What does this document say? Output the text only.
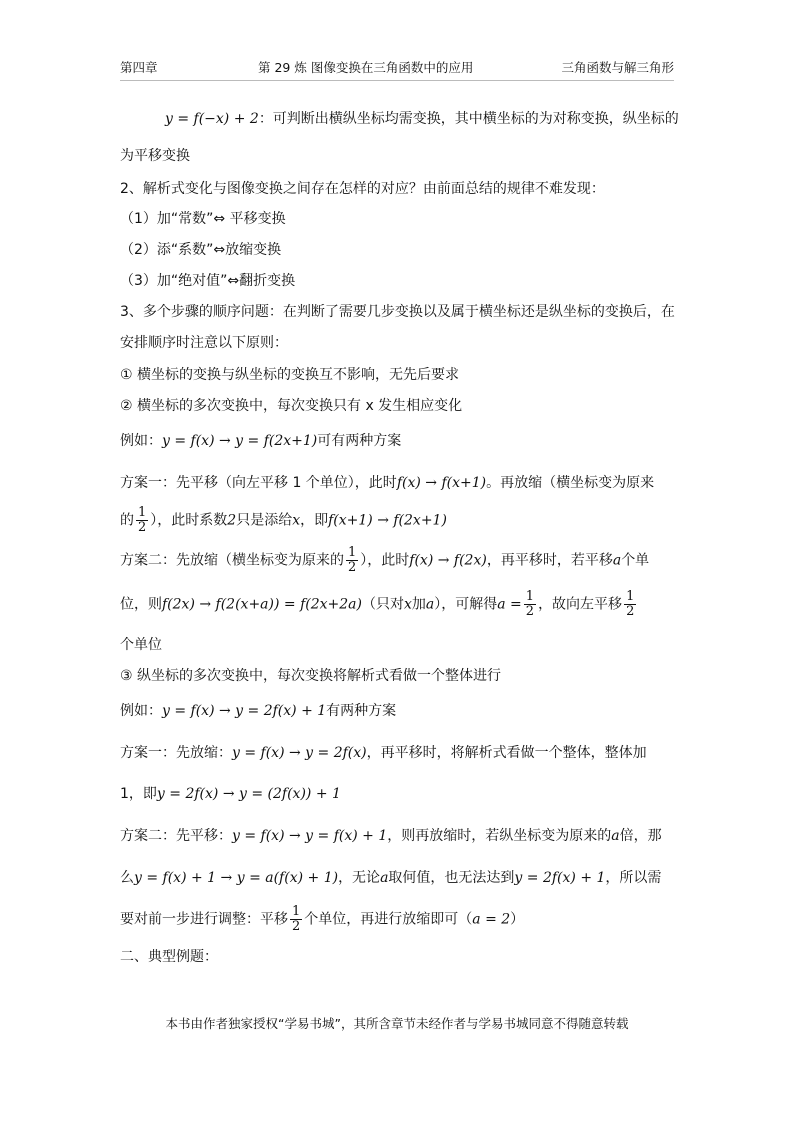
第四章	第 29 炼 图像变换在三角函数中的应用	三角函数与解三角形
y = f(−x) + 2：可判断出横纵坐标均需变换，其中横坐标的为对称变换，纵坐标的
为平移变换
2、解析式变化与图像变换之间存在怎样的对应？由前面总结的规律不难发现：
（1）加“常数”⇔ 平移变换
（2）添“系数”⇔放缩变换
（3）加“绝对值”⇔翻折变换
3、多个步骤的顺序问题：在判断了需要几步变换以及属于横坐标还是纵坐标的变换后，在
安排顺序时注意以下原则：
① 横坐标的变换与纵坐标的变换互不影响，无先后要求
② 横坐标的多次变换中，每次变换只有 x 发生相应变化
例如：y = f(x) → y = f(2x+1)可有两种方案
方案一：先平移（向左平移 1 个单位），此时f(x) → f(x+1)。再放缩（横坐标变为原来
的 $\frac{1}{2}$ ），此时系数2只是添给x，即f(x+1) → f(2x+1)
方案二：先放缩（横坐标变为原来的 $\frac{1}{2}$ ），此时f(x) → f(2x)，再平移时，若平移a个单
位，则f(2x) → f(2(x+a)) = f(2x+2a)（只对x加a），可解得$a = \frac{1}{2}$ ，故向左平移 $\frac{1}{2}$
个单位
③ 纵坐标的多次变换中，每次变换将解析式看做一个整体进行
例如：y = f(x) → y = 2f(x) + 1有两种方案
方案一：先放缩：y = f(x) → y = 2f(x)，再平移时，将解析式看做一个整体，整体加
1，即y = 2f(x) → y = (2f(x)) + 1
方案二：先平移：y = f(x) → y = f(x) + 1，则再放缩时，若纵坐标变为原来的a倍，那
么y = f(x) + 1 → y = a(f(x) + 1)，无论a取何值，也无法达到y = 2f(x) + 1，所以需
要对前一步进行调整：平移 $\frac{1}{2}$ 个单位，再进行放缩即可（a = 2）
二、典型例题：
本书由作者独家授权“学易书城”，其所含章节未经作者与学易书城同意不得随意转载
